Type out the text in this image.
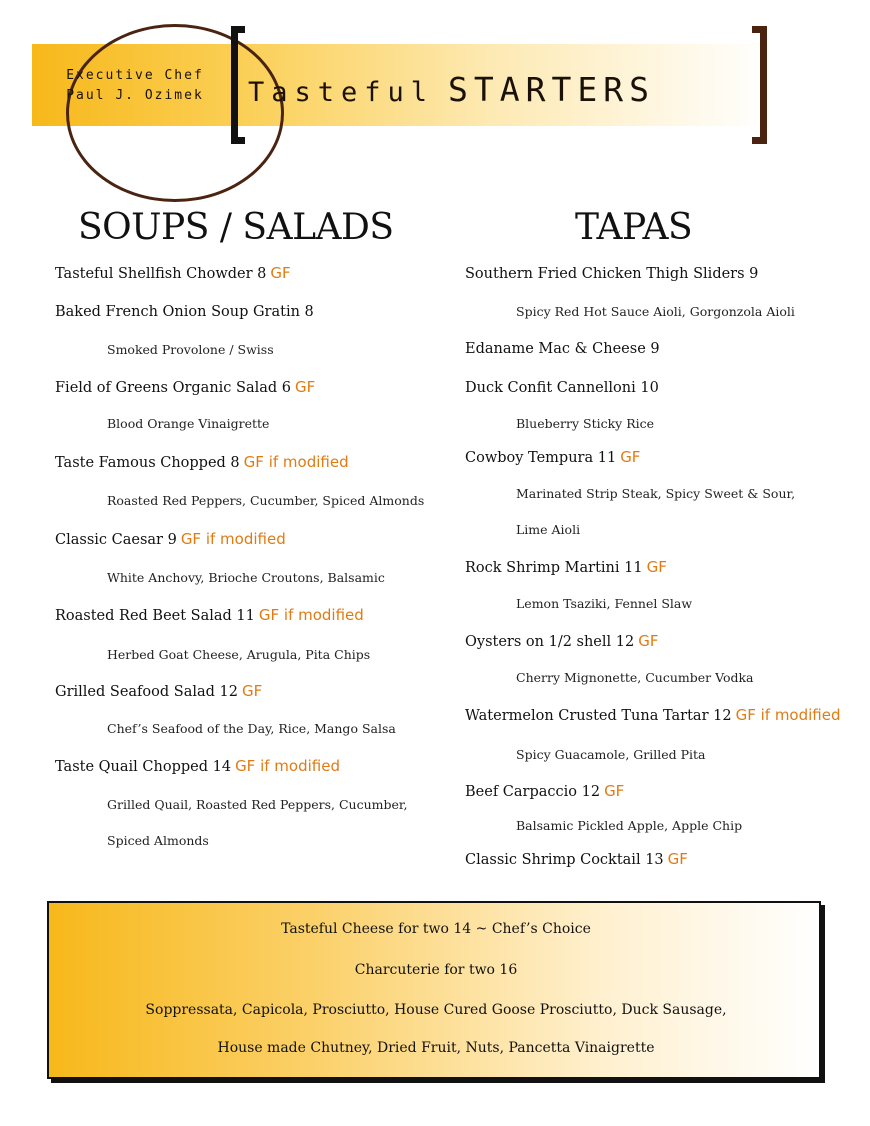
Executive Chef
Paul J. Ozimek	Tasteful STARTERS
SOUPS / SALADS	TAPAS
Tasteful Shellfish Chowder 8 GF
Baked French Onion Soup Gratin 8
Smoked Provolone / Swiss
Field of Greens Organic Salad 6 GF
Blood Orange Vinaigrette
Taste Famous Chopped 8 GF if modified
Roasted Red Peppers, Cucumber, Spiced Almonds
Classic Caesar 9 GF if modified
White Anchovy, Brioche Croutons, Balsamic
Roasted Red Beet Salad 11 GF if modified
Herbed Goat Cheese, Arugula, Pita Chips
Grilled Seafood Salad 12 GF
Chef’s Seafood of the Day, Rice, Mango Salsa
Taste Quail Chopped 14 GF if modified
Grilled Quail, Roasted Red Peppers, Cucumber,
Spiced Almonds
Southern Fried Chicken Thigh Sliders 9
Spicy Red Hot Sauce Aioli, Gorgonzola Aioli
Edaname Mac & Cheese 9
Duck Confit Cannelloni 10
Blueberry Sticky Rice
Cowboy Tempura 11 GF
Marinated Strip Steak, Spicy Sweet & Sour,
Lime Aioli
Rock Shrimp Martini 11 GF
Lemon Tsaziki, Fennel Slaw
Oysters on 1/2 shell 12 GF
Cherry Mignonette, Cucumber Vodka
Watermelon Crusted Tuna Tartar 12 GF if modified
Spicy Guacamole, Grilled Pita
Beef Carpaccio 12 GF
Balsamic Pickled Apple, Apple Chip
Classic Shrimp Cocktail 13 GF
Tasteful Cheese for two 14 ~ Chef’s Choice
Charcuterie for two 16
Soppressata, Capicola, Prosciutto, House Cured Goose Prosciutto, Duck Sausage,
House made Chutney, Dried Fruit, Nuts, Pancetta Vinaigrette
